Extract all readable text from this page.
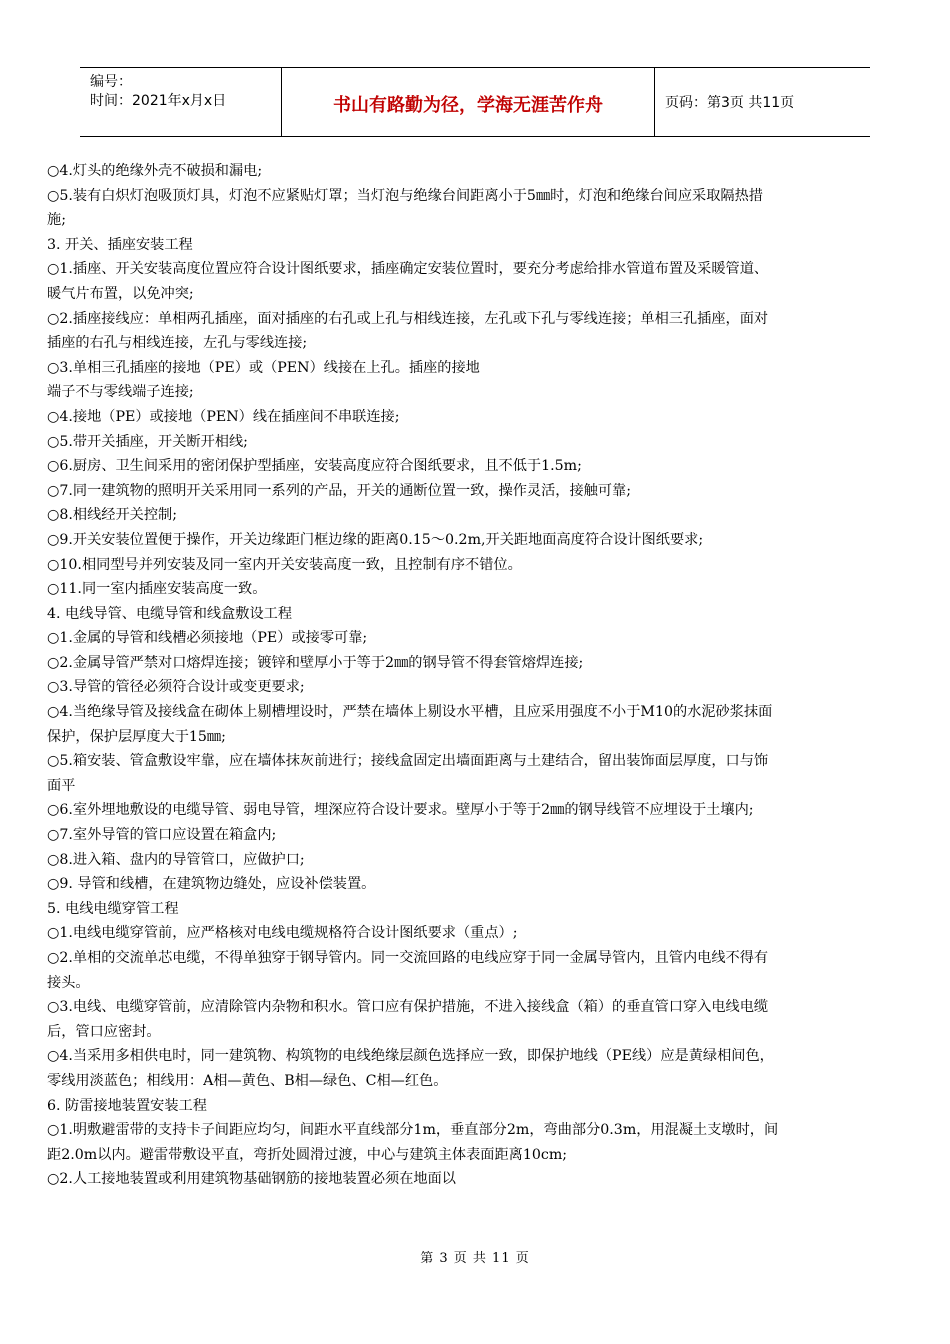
编号：
时间：2021年x月x日	书山有路勤为径，学海无涯苦作舟	页码：第3页 共11页
○4.灯头的绝缘外壳不破损和漏电;
○5.装有白炽灯泡吸顶灯具，灯泡不应紧贴灯罩；当灯泡与绝缘台间距离小于5㎜时，灯泡和绝缘台间应采取隔热措
施;
3. 开关、插座安装工程
○1.插座、开关安装高度位置应符合设计图纸要求，插座确定安装位置时，要充分考虑给排水管道布置及采暖管道、
暖气片布置，以免冲突;
○2.插座接线应：单相两孔插座，面对插座的右孔或上孔与相线连接，左孔或下孔与零线连接；单相三孔插座，面对
插座的右孔与相线连接，左孔与零线连接;
○3.单相三孔插座的接地（PE）或（PEN）线接在上孔。插座的接地
端子不与零线端子连接;
○4.接地（PE）或接地（PEN）线在插座间不串联连接;
○5.带开关插座，开关断开相线;
○6.厨房、卫生间采用的密闭保护型插座，安装高度应符合图纸要求，且不低于1.5m;
○7.同一建筑物的照明开关采用同一系列的产品，开关的通断位置一致，操作灵活，接触可靠;
○8.相线经开关控制;
○9.开关安装位置便于操作，开关边缘距门框边缘的距离0.15～0.2m,开关距地面高度符合设计图纸要求;
○10.相同型号并列安装及同一室内开关安装高度一致，且控制有序不错位。
○11.同一室内插座安装高度一致。
4. 电线导管、电缆导管和线盒敷设工程
○1.金属的导管和线槽必须接地（PE）或接零可靠;
○2.金属导管严禁对口熔焊连接；镀锌和壁厚小于等于2㎜的钢导管不得套管熔焊连接;
○3.导管的管径必须符合设计或变更要求;
○4.当绝缘导管及接线盒在砌体上剔槽埋设时，严禁在墙体上剔设水平槽，且应采用强度不小于M10的水泥砂浆抹面
保护，保护层厚度大于15㎜;
○5.箱安装、管盒敷设牢靠，应在墙体抹灰前进行；接线盒固定出墙面距离与土建结合，留出装饰面层厚度，口与饰
面平
○6.室外埋地敷设的电缆导管、弱电导管，埋深应符合设计要求。壁厚小于等于2㎜的钢导线管不应埋设于土壤内;
○7.室外导管的管口应设置在箱盒内;
○8.进入箱、盘内的导管管口，应做护口;
○9. 导管和线槽，在建筑物边缝处，应设补偿装置。
5. 电线电缆穿管工程
○1.电线电缆穿管前，应严格核对电线电缆规格符合设计图纸要求（重点）;
○2.单相的交流单芯电缆，不得单独穿于钢导管内。同一交流回路的电线应穿于同一金属导管内，且管内电线不得有
接头。
○3.电线、电缆穿管前，应清除管内杂物和积水。管口应有保护措施，不进入接线盒（箱）的垂直管口穿入电线电缆
后，管口应密封。
○4.当采用多相供电时，同一建筑物、构筑物的电线绝缘层颜色选择应一致，即保护地线（PE线）应是黄绿相间色，
零线用淡蓝色；相线用：A相—黄色、B相—绿色、C相—红色。
6. 防雷接地装置安装工程
○1.明敷避雷带的支持卡子间距应均匀，间距水平直线部分1m，垂直部分2m，弯曲部分0.3m，用混凝土支墩时，间
距2.0m以内。避雷带敷设平直，弯折处圆滑过渡，中心与建筑主体表面距离10cm;
○2.人工接地装置或利用建筑物基础钢筋的接地装置必须在地面以
第 3 页 共 11 页
